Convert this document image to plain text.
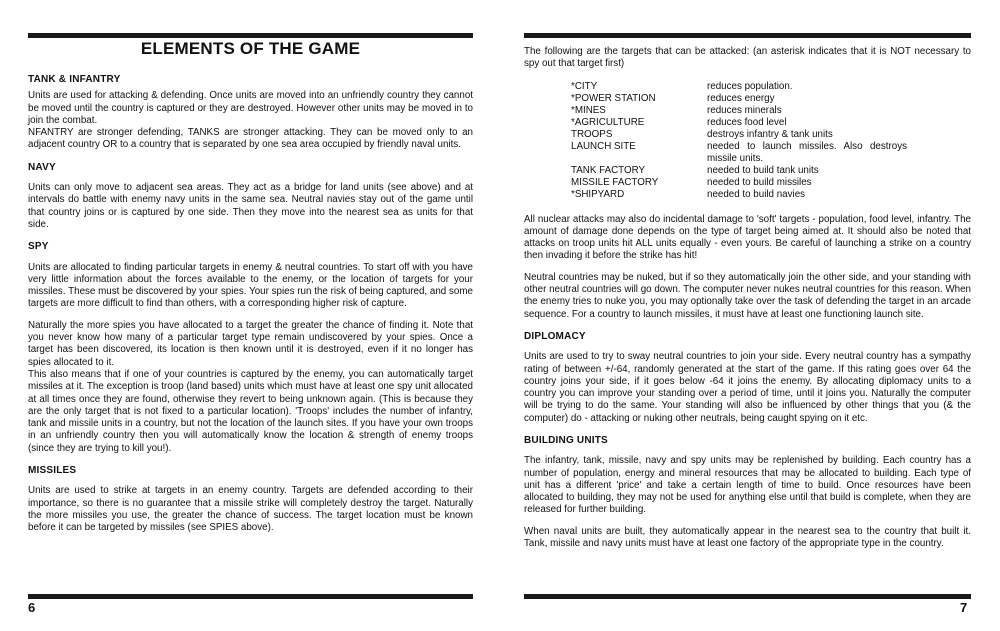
ELEMENTS OF THE GAME
TANK & INFANTRY

Units are used for attacking & defending. Once units are moved into an unfriendly country they cannot be moved until the country is captured or they are destroyed. However other units may be moved in to join the combat.

NFANTRY are stronger defending, TANKS are stronger attacking. They can be moved only to an adjacent country OR to a country that is separated by one sea area occupied by friendly naval units.

NAVY

Units can only move to adjacent sea areas. They act as a bridge for land units (see above) and at intervals do battle with enemy navy units in the same sea. Neutral navies stay out of the game until that country joins or is captured by one side. Then they move into the nearest sea as units for that side.

SPY

Units are allocated to finding particular targets in enemy & neutral countries. To start off with you have very little information about the forces available to the enemy, or the location of targets for your missiles. These must be discovered by your spies. Your spies run the risk of being captured, and some targets are more difficult to find than others, with a corresponding higher risk of capture.

Naturally the more spies you have allocated to a target the greater the chance of finding it. Note that you never know how many of a particular target type remain undiscovered by your spies. Once a target has been discovered, its location is then known until it is destroyed, even if it no longer has spies allocated to it.

This also means that if one of your countries is captured by the enemy, you can automatically target missiles at it. The exception is troop (land based) units which must have at least one spy unit allocated at all times once they are found, otherwise they revert to being unknown again. (This is because they are the only target that is not fixed to a particular location). 'Troops' includes the number of infantry, tank and missile units in a country, but not the location of the launch sites. If you have your own troops in an unfriendly country then you will automatically know the location & strength of enemy troops (since they are trying to kill you!).

MISSILES

Units are used to strike at targets in an enemy country. Targets are defended according to their importance, so there is no guarantee that a missile strike will completely destroy the target. Naturally the more missiles you use, the greater the chance of success. The target location must be known before it can be targeted by missiles (see SPIES above).

6

The following are the targets that can be attacked: (an asterisk indicates that it is NOT necessary to spy out that target first)

*CITY	reduces population.
*POWER STATION	reduces energy
*MINES	reduces minerals
*AGRICULTURE	reduces food level
TROOPS	destroys infantry & tank units
LAUNCH SITE	needed to launch missiles. Also destroys missile units.
TANK FACTORY	needed to build tank units
MISSILE FACTORY	needed to build missiles
*SHIPYARD	needed to build navies

All nuclear attacks may also do incidental damage to 'soft' targets - population, food level, infantry. The amount of damage done depends on the type of target being aimed at. It should also be noted that attacks on troop units hit ALL units equally - even yours. Be careful of launching a strike on a country then invading it before the strike has hit!

Neutral countries may be nuked, but if so they automatically join the other side, and your standing with other neutral countries will go down. The computer never nukes neutral countries for this reason. When the enemy tries to nuke you, you may optionally take over the task of defending the target in an arcade sequence. For a country to launch missiles, it must have at least one functioning launch site.

DIPLOMACY

Units are used to try to sway neutral countries to join your side. Every neutral country has a sympathy rating of between +/-64, randomly generated at the start of the game. If this rating goes over 64 the country joins your side, if it goes below -64 it joins the enemy. By allocating diplomacy units to a country you can improve your standing over a period of time, until it joins you. Naturally the computer will be trying to do the same. Your standing will also be influenced by other things that you (& the computer) do - attacking or nuking other neutrals, being caught spying on it etc.

BUILDING UNITS

The infantry, tank, missile, navy and spy units may be replenished by building. Each country has a number of population, energy and mineral resources that may be allocated to building. Each type of unit has a different 'price' and take a certain length of time to build. Once resources have been allocated to building, they may not be used for anything else until that build is complete, when they are released for further building.

When naval units are built, they automatically appear in the nearest sea to the country that built it. Tank, missile and navy units must have at least one factory of the appropriate type in the country.

7
